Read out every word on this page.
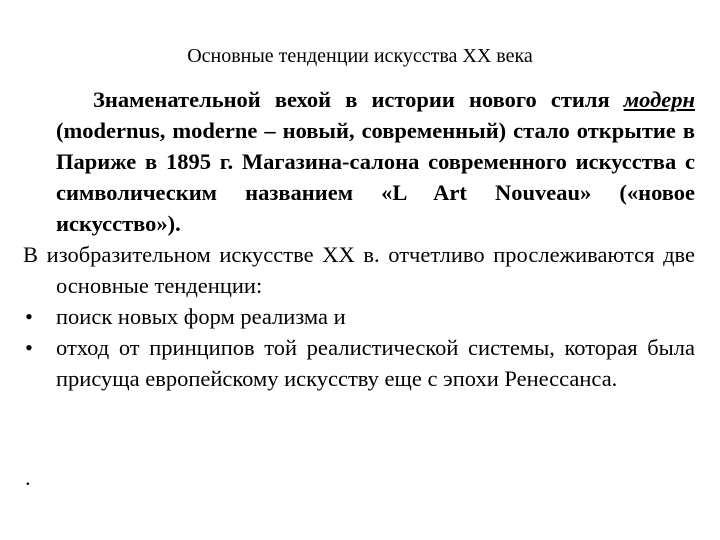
Основные тенденции искусства XX века

Знаменательной вехой в истории нового стиля модерн (modernus, moderne – новый, современный) стало открытие в Париже в 1895 г. Магазина-салона современного искусства с символическим названием «L Art Nouveau» («новое искусство»).

В изобразительном искусстве XX в. отчетливо прослеживаются две основные тенденции:

• поиск новых форм реализма и
• отход от принципов той реалистической системы, которая была присуща европейскому искусству еще с эпохи Ренессанса.
.
